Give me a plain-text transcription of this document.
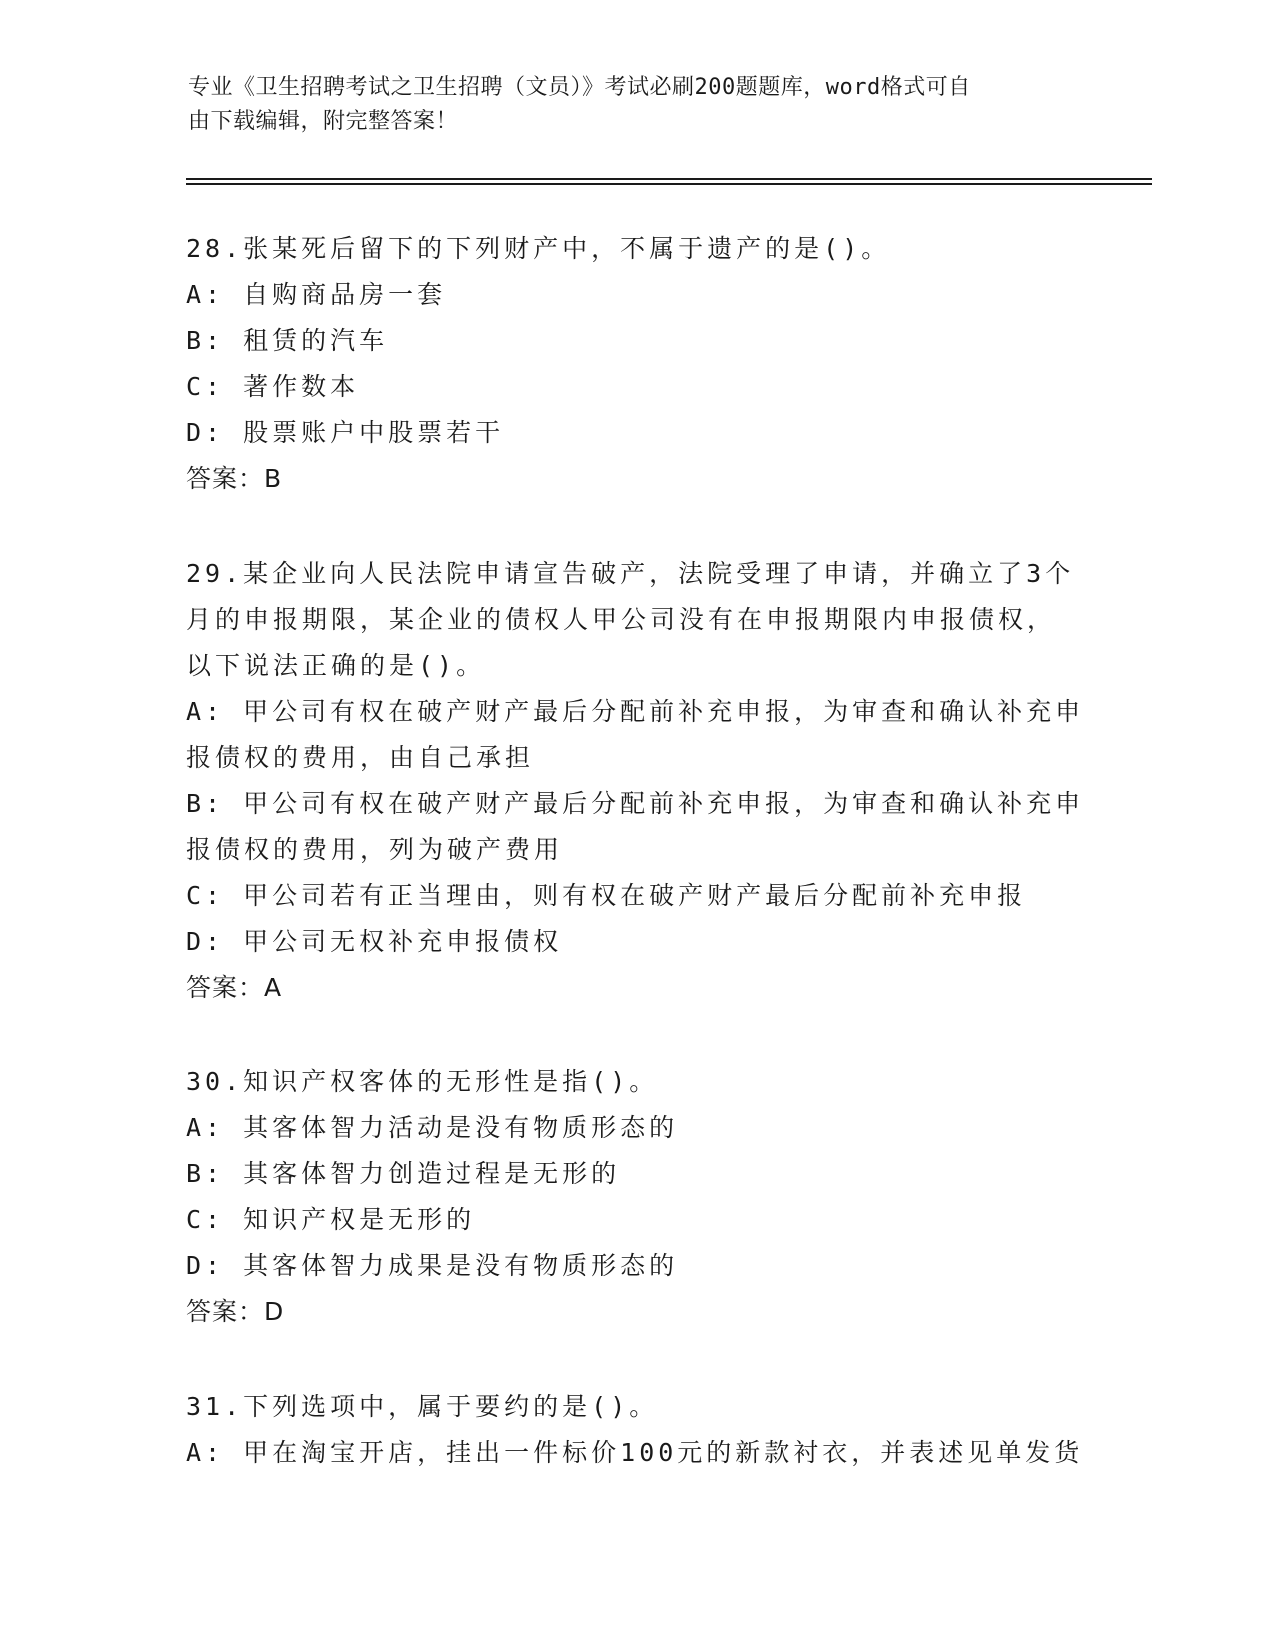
专业《卫生招聘考试之卫生招聘（文员）》考试必刷200题题库，word格式可自
由下载编辑，附完整答案！
28.张某死后留下的下列财产中，不属于遗产的是()。
A: 自购商品房一套
B: 租赁的汽车
C: 著作数本
D: 股票账户中股票若干
答案：B
29.某企业向人民法院申请宣告破产，法院受理了申请，并确立了3个
月的申报期限，某企业的债权人甲公司没有在申报期限内申报债权，
以下说法正确的是()。
A: 甲公司有权在破产财产最后分配前补充申报，为审查和确认补充申
报债权的费用，由自己承担
B: 甲公司有权在破产财产最后分配前补充申报，为审查和确认补充申
报债权的费用，列为破产费用
C: 甲公司若有正当理由，则有权在破产财产最后分配前补充申报
D: 甲公司无权补充申报债权
答案：A
30.知识产权客体的无形性是指()。
A: 其客体智力活动是没有物质形态的
B: 其客体智力创造过程是无形的
C: 知识产权是无形的
D: 其客体智力成果是没有物质形态的
答案：D
31.下列选项中，属于要约的是()。
A: 甲在淘宝开店，挂出一件标价100元的新款衬衣，并表述见单发货
